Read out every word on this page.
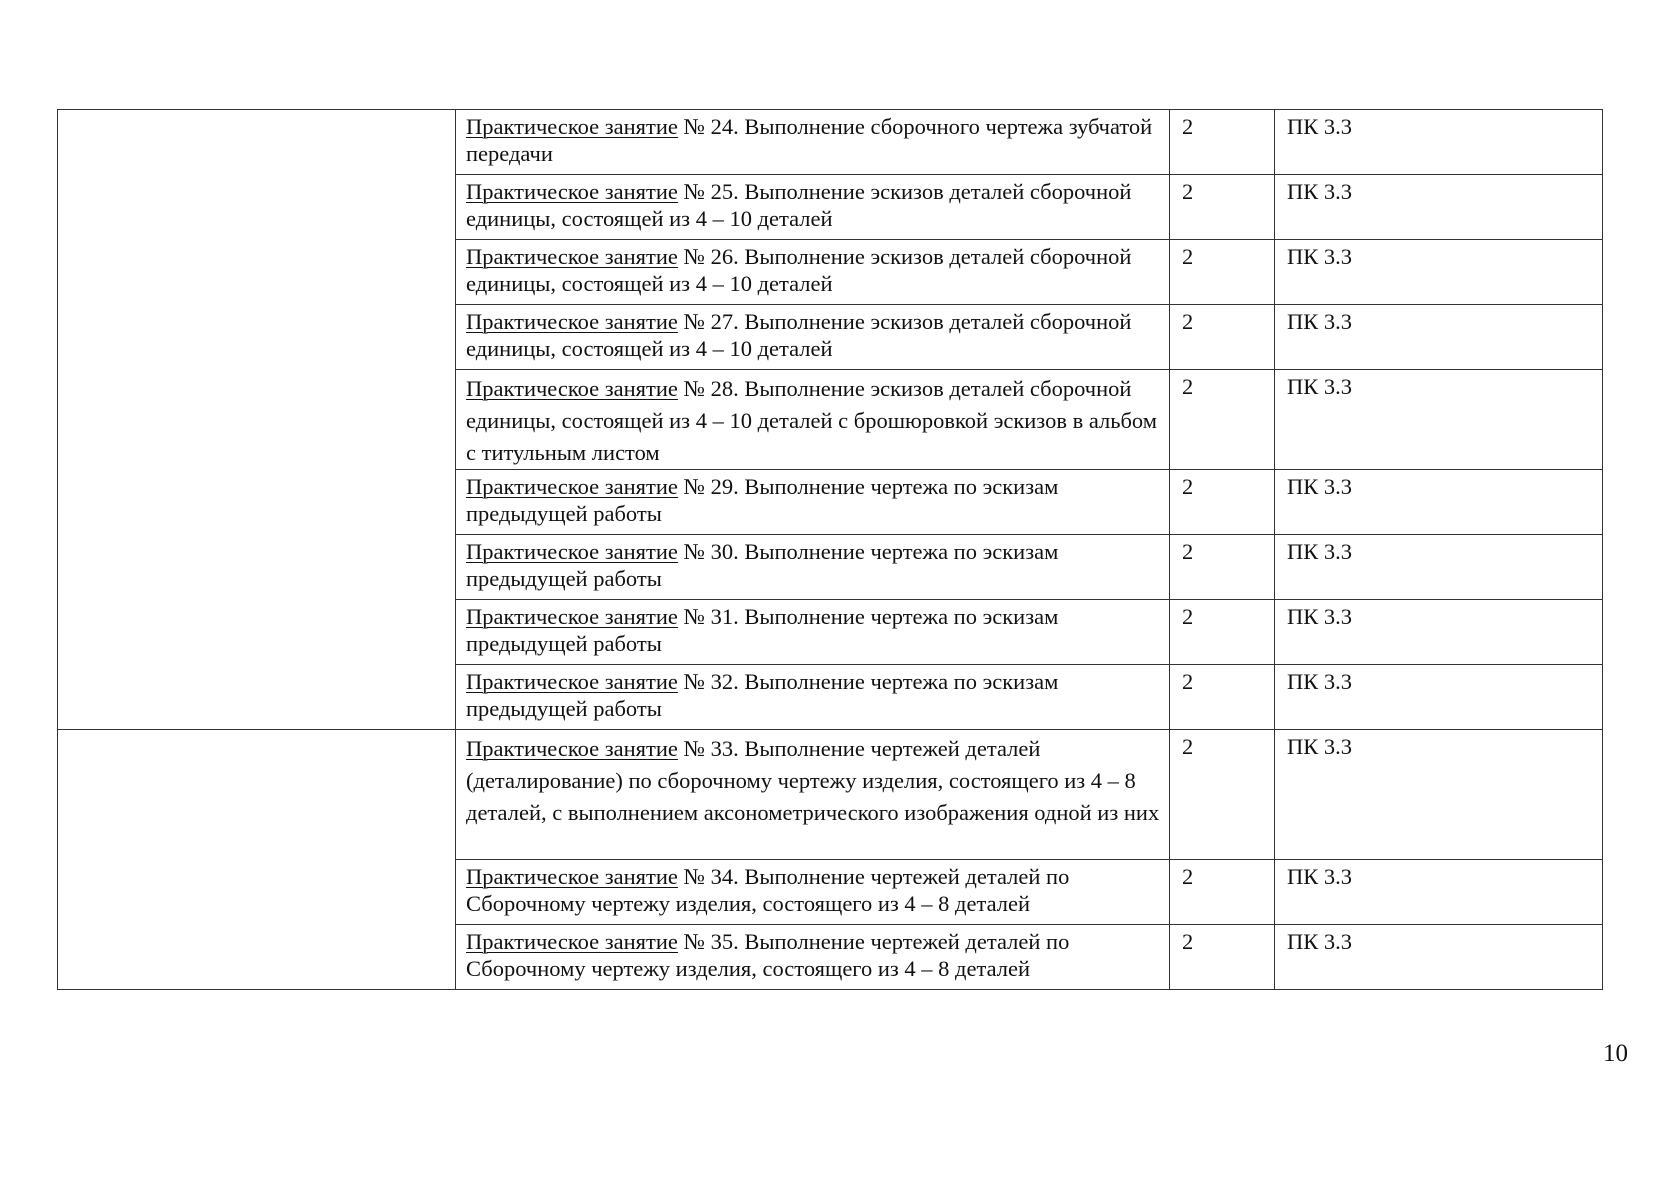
	Практическое занятие № 24. Выполнение сборочного чертежа зубчатой передачи	2	ПК 3.3
	Практическое занятие № 25. Выполнение эскизов деталей сборочной единицы, состоящей из 4 – 10 деталей	2	ПК 3.3
	Практическое занятие № 26. Выполнение эскизов деталей сборочной единицы, состоящей из 4 – 10 деталей	2	ПК 3.3
	Практическое занятие № 27. Выполнение эскизов деталей сборочной единицы, состоящей из 4 – 10 деталей	2	ПК 3.3
	Практическое занятие № 28. Выполнение эскизов деталей сборочной единицы, состоящей из 4 – 10 деталей с брошюровкой эскизов в альбом с титульным листом	2	ПК 3.3
	Практическое занятие № 29. Выполнение чертежа по эскизам предыдущей работы	2	ПК 3.3
	Практическое занятие № 30. Выполнение чертежа по эскизам предыдущей работы	2	ПК 3.3
	Практическое занятие № 31. Выполнение чертежа по эскизам предыдущей работы	2	ПК 3.3
	Практическое занятие № 32. Выполнение чертежа по эскизам предыдущей работы	2	ПК 3.3
	Практическое занятие № 33. Выполнение чертежей деталей (деталирование) по сборочному чертежу изделия, состоящего из 4 – 8 деталей, с выполнением аксонометрического изображения одной из них	2	ПК 3.3
	Практическое занятие № 34. Выполнение чертежей деталей по Сборочному чертежу изделия, состоящего из 4 – 8 деталей	2	ПК 3.3
	Практическое занятие № 35. Выполнение чертежей деталей по Сборочному чертежу изделия, состоящего из 4 – 8 деталей	2	ПК 3.3
10
